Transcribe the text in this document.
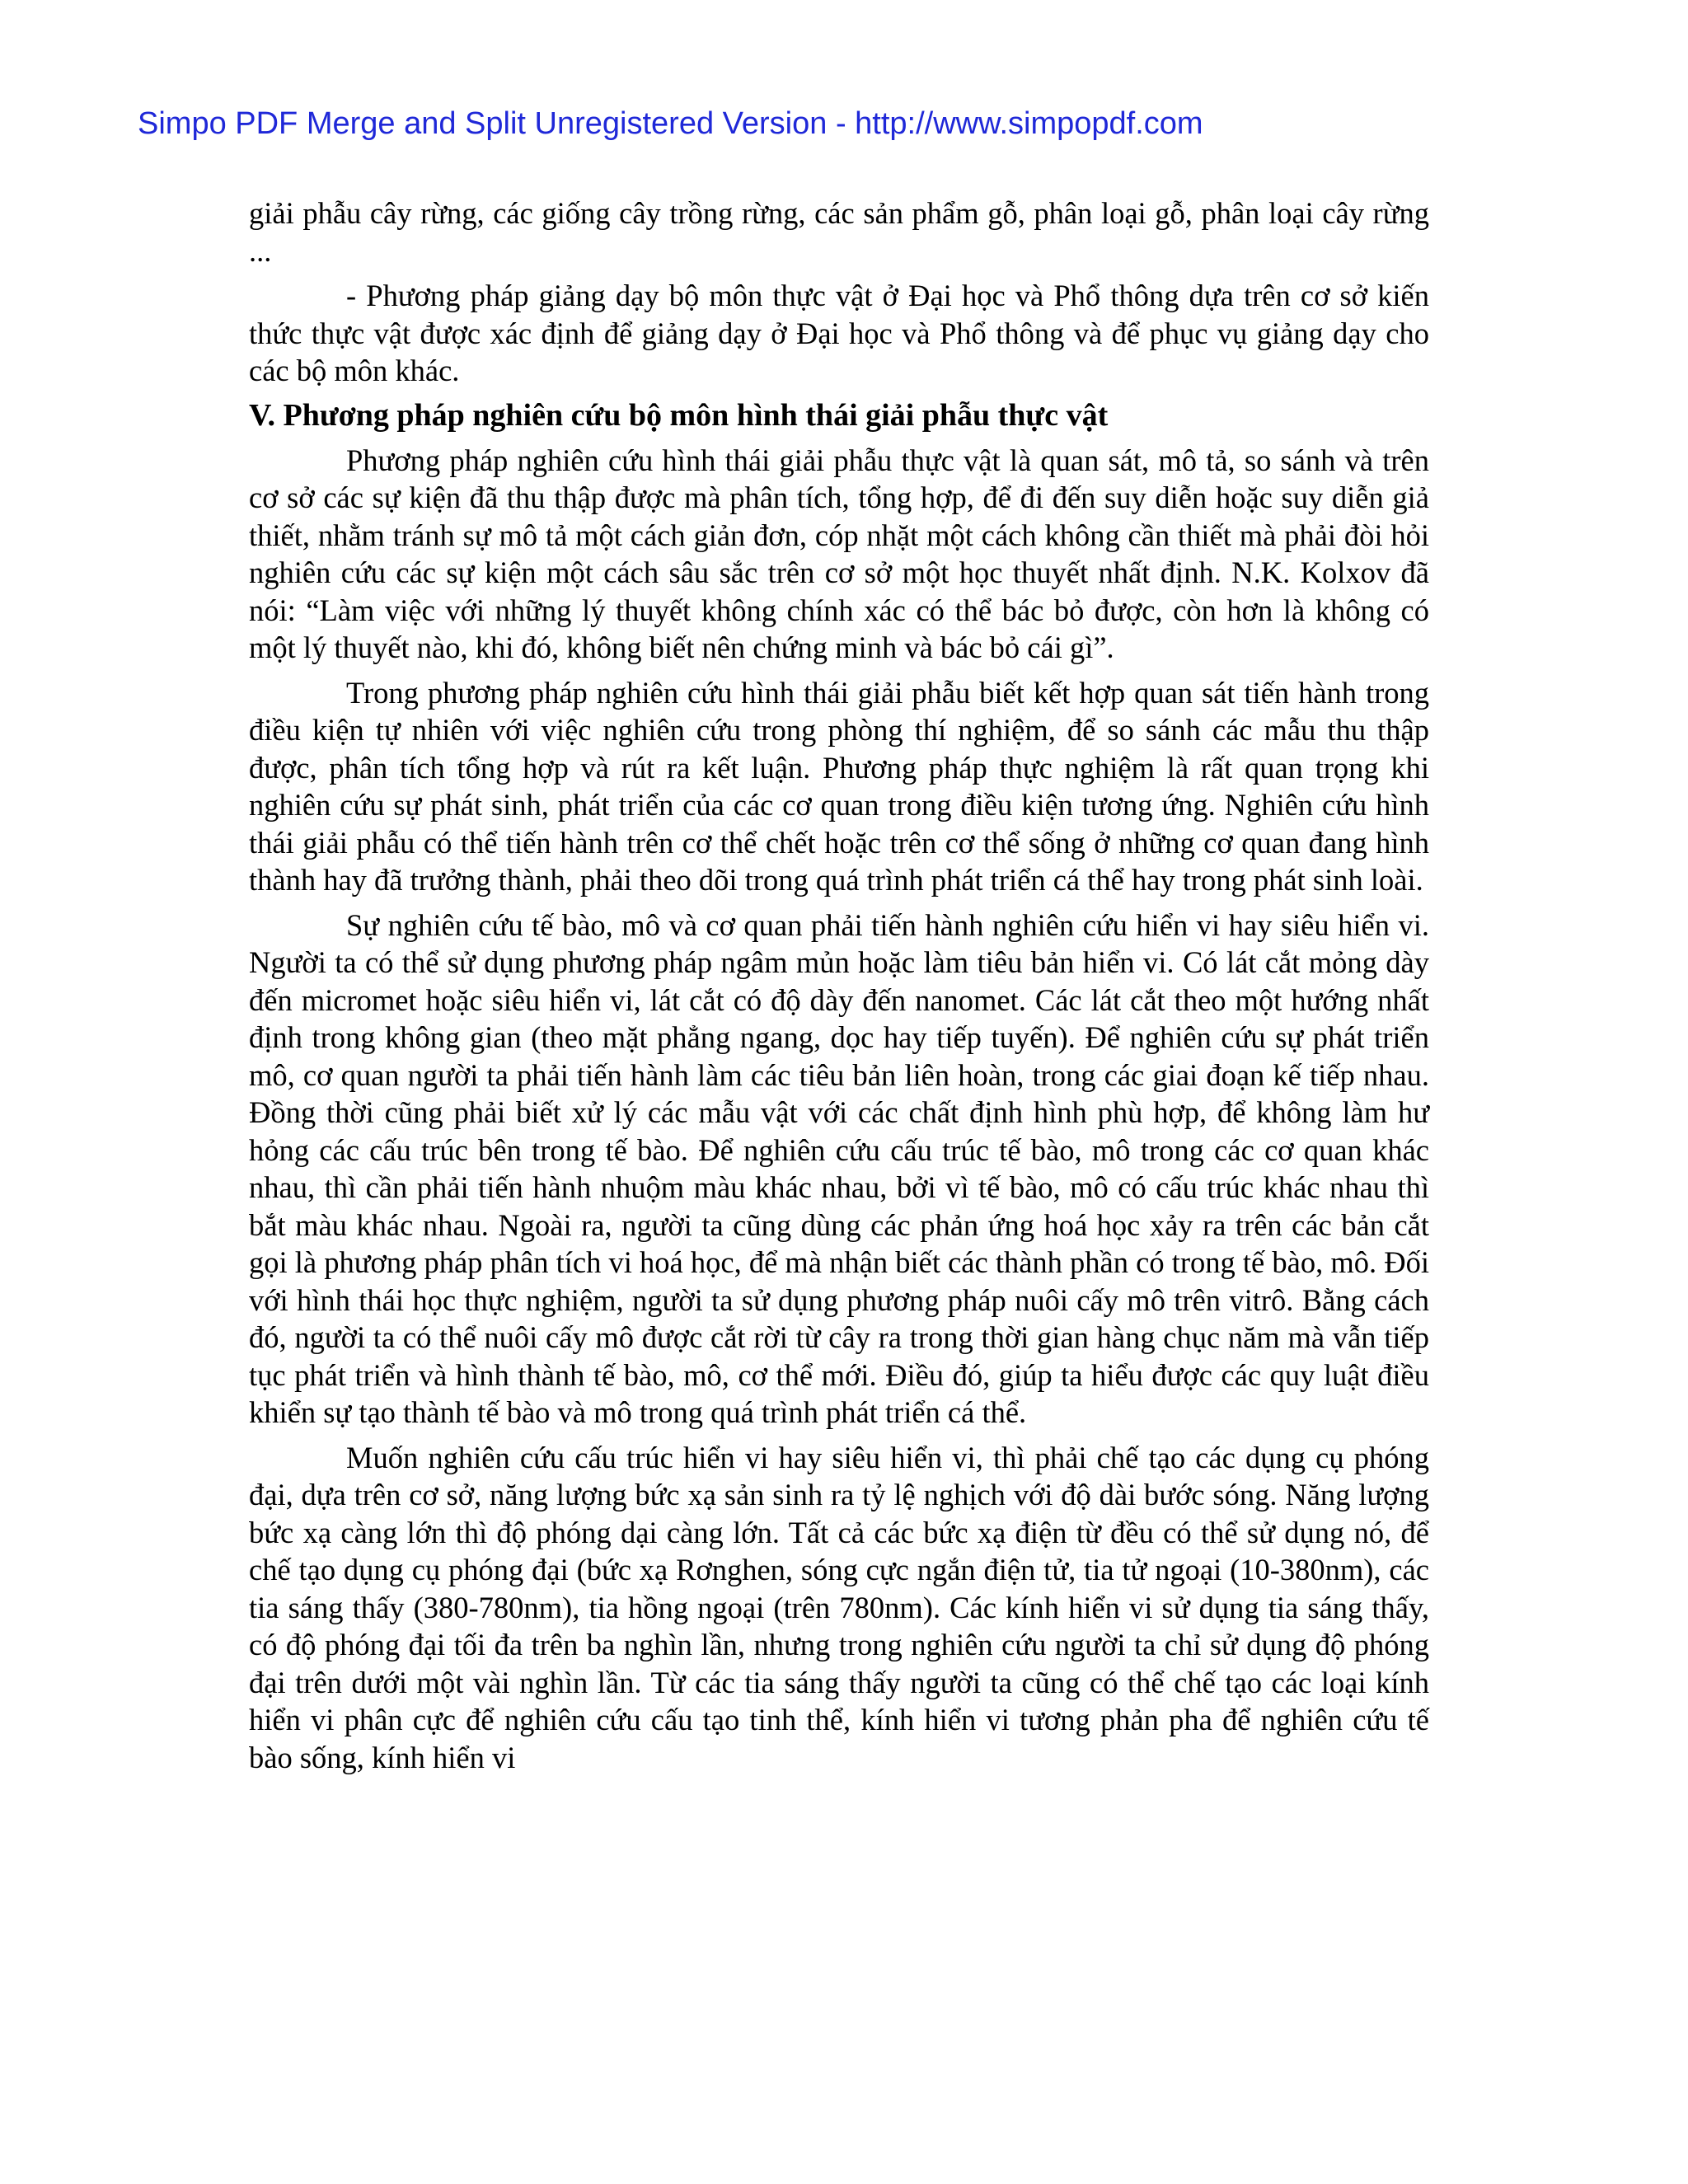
Simpo PDF Merge and Split Unregistered Version - http://www.simpopdf.com

giải phẫu cây rừng, các giống cây trồng rừng, các sản phẩm gỗ, phân loại gỗ, phân loại cây rừng ...

- Phương pháp giảng dạy bộ môn thực vật ở Đại học và Phổ thông dựa trên cơ sở kiến thức thực vật được xác định để giảng dạy ở Đại học và Phổ thông và để phục vụ giảng dạy cho các bộ môn khác.

V. Phương pháp nghiên cứu bộ môn hình thái giải phẫu thực vật

Phương pháp nghiên cứu hình thái giải phẫu thực vật là quan sát, mô tả, so sánh và trên cơ sở các sự kiện đã thu thập được mà phân tích, tổng hợp, để đi đến suy diễn hoặc suy diễn giả thiết, nhằm tránh sự mô tả một cách giản đơn, cóp nhặt một cách không cần thiết mà phải đòi hỏi nghiên cứu các sự kiện một cách sâu sắc trên cơ sở một học thuyết nhất định. N.K. Kolxov đã nói: “Làm việc với những lý thuyết không chính xác có thể bác bỏ được, còn hơn là không có một lý thuyết nào, khi đó, không biết nên chứng minh và bác bỏ cái gì”.

Trong phương pháp nghiên cứu hình thái giải phẫu biết kết hợp quan sát tiến hành trong điều kiện tự nhiên với việc nghiên cứu trong phòng thí nghiệm, để so sánh các mẫu thu thập được, phân tích tổng hợp và rút ra kết luận. Phương pháp thực nghiệm là rất quan trọng khi nghiên cứu sự phát sinh, phát triển của các cơ quan trong điều kiện tương ứng. Nghiên cứu hình thái giải phẫu có thể tiến hành trên cơ thể chết hoặc trên cơ thể sống ở những cơ quan đang hình thành hay đã trưởng thành, phải theo dõi trong quá trình phát triển cá thể hay trong phát sinh loài.

Sự nghiên cứu tế bào, mô và cơ quan phải tiến hành nghiên cứu hiển vi hay siêu hiển vi. Người ta có thể sử dụng phương pháp ngâm mủn hoặc làm tiêu bản hiển vi. Có lát cắt mỏng dày đến micromet hoặc siêu hiển vi, lát cắt có độ dày đến nanomet. Các lát cắt theo một hướng nhất định trong không gian (theo mặt phẳng ngang, dọc hay tiếp tuyến). Để nghiên cứu sự phát triển mô, cơ quan người ta phải tiến hành làm các tiêu bản liên hoàn, trong các giai đoạn kế tiếp nhau. Đồng thời cũng phải biết xử lý các mẫu vật với các chất định hình phù hợp, để không làm hư hỏng các cấu trúc bên trong tế bào. Để nghiên cứu cấu trúc tế bào, mô trong các cơ quan khác nhau, thì cần phải tiến hành nhuộm màu khác nhau, bởi vì tế bào, mô có cấu trúc khác nhau thì bắt màu khác nhau. Ngoài ra, người ta cũng dùng các phản ứng hoá học xảy ra trên các bản cắt gọi là phương pháp phân tích vi hoá học, để mà nhận biết các thành phần có trong tế bào, mô. Đối với hình thái học thực nghiệm, người ta sử dụng phương pháp nuôi cấy mô trên vitrô. Bằng cách đó, người ta có thể nuôi cấy mô được cắt rời từ cây ra trong thời gian hàng chục năm mà vẫn tiếp tục phát triển và hình thành tế bào, mô, cơ thể mới. Điều đó, giúp ta hiểu được các quy luật điều khiển sự tạo thành tế bào và mô trong quá trình phát triển cá thể.

Muốn nghiên cứu cấu trúc hiển vi hay siêu hiển vi, thì phải chế tạo các dụng cụ phóng đại, dựa trên cơ sở, năng lượng bức xạ sản sinh ra tỷ lệ nghịch với độ dài bước sóng. Năng lượng bức xạ càng lớn thì độ phóng dại càng lớn. Tất cả các bức xạ điện từ đều có thể sử dụng nó, để chế tạo dụng cụ phóng đại (bức xạ Rơnghen, sóng cực ngắn điện tử, tia tử ngoại (10-380nm), các tia sáng thấy (380-780nm), tia hồng ngoại (trên 780nm). Các kính hiển vi sử dụng tia sáng thấy, có độ phóng đại tối đa trên ba nghìn lần, nhưng trong nghiên cứu người ta chỉ sử dụng độ phóng đại trên dưới một vài nghìn lần. Từ các tia sáng thấy người ta cũng có thể chế tạo các loại kính hiển vi phân cực để nghiên cứu cấu tạo tinh thể, kính hiển vi tương phản pha để nghiên cứu tế bào sống, kính hiển vi
